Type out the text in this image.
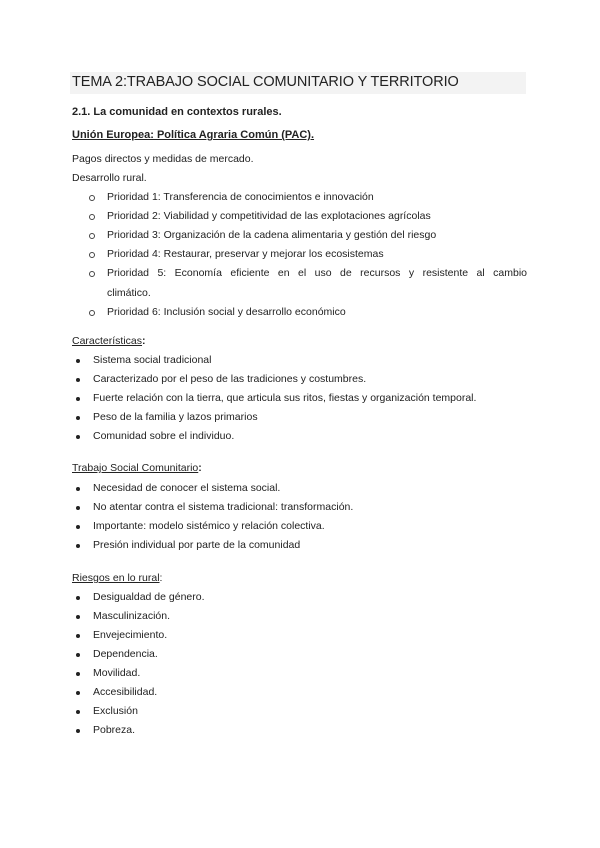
TEMA 2:TRABAJO SOCIAL COMUNITARIO Y TERRITORIO
2.1. La comunidad en contextos rurales.
Unión Europea: Política Agraria Común (PAC).
Pagos directos y medidas de mercado.
Desarrollo rural.
Prioridad 1: Transferencia de conocimientos e innovación
Prioridad 2: Viabilidad y competitividad de las explotaciones agrícolas
Prioridad 3: Organización de la cadena alimentaria y gestión del riesgo
Prioridad 4: Restaurar, preservar y mejorar los ecosistemas
Prioridad 5: Economía eficiente en el uso de recursos y resistente al cambio
climático.
Prioridad 6: Inclusión social y desarrollo económico
Características:
Sistema social tradicional
Caracterizado por el peso de las tradiciones y costumbres.
Fuerte relación con la tierra, que articula sus ritos, fiestas y organización temporal.
Peso de la familia y lazos primarios
Comunidad sobre el individuo.
Trabajo Social Comunitario:
Necesidad de conocer el sistema social.
No atentar contra el sistema tradicional: transformación.
Importante: modelo sistémico y relación colectiva.
Presión individual por parte de la comunidad
Riesgos en lo rural:
Desigualdad de género.
Masculinización.
Envejecimiento.
Dependencia.
Movilidad.
Accesibilidad.
Exclusión
Pobreza.
